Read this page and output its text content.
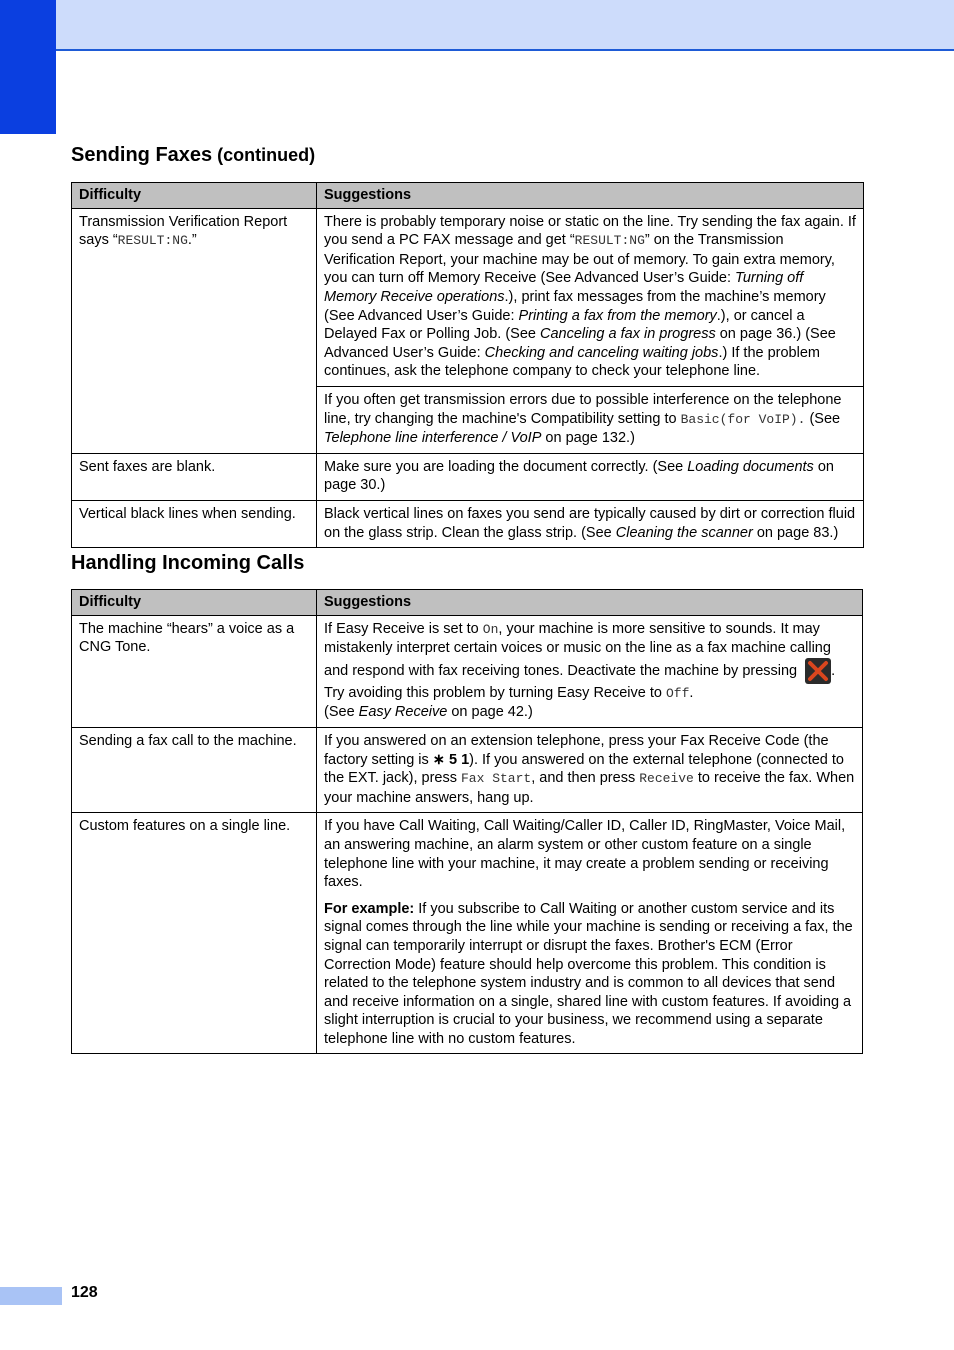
Sending Faxes (continued)
Difficulty	Suggestions
Transmission Verification Report says “RESULT:NG.”	There is probably temporary noise or static on the line. Try sending the fax again. If you send a PC FAX message and get “RESULT:NG” on the Transmission Verification Report, your machine may be out of memory. To gain extra memory, you can turn off Memory Receive (See Advanced User’s Guide: Turning off Memory Receive operations.), print fax messages from the machine’s memory (See Advanced User’s Guide: Printing a fax from the memory.), or cancel a Delayed Fax or Polling Job. (See Canceling a fax in progress on page 36.) (See Advanced User’s Guide: Checking and canceling waiting jobs.) If the problem continues, ask the telephone company to check your telephone line.
	If you often get transmission errors due to possible interference on the telephone line, try changing the machine's Compatibility setting to Basic(for VoIP). (See Telephone line interference / VoIP on page 132.)
Sent faxes are blank.	Make sure you are loading the document correctly. (See Loading documents on page 30.)
Vertical black lines when sending.	Black vertical lines on faxes you send are typically caused by dirt or correction fluid on the glass strip. Clean the glass strip. (See Cleaning the scanner on page 83.)
Handling Incoming Calls
Difficulty	Suggestions
The machine “hears” a voice as a CNG Tone.	If Easy Receive is set to On, your machine is more sensitive to sounds. It may mistakenly interpret certain voices or music on the line as a fax machine calling and respond with fax receiving tones. Deactivate the machine by pressing
. Try avoiding this problem by turning Easy Receive to Off.
(See Easy Receive on page 42.)
Sending a fax call to the machine.	If you answered on an extension telephone, press your Fax Receive Code (the factory setting is ∗ 5 1). If you answered on the external telephone (connected to the EXT. jack), press Fax Start, and then press Receive to receive the fax. When your machine answers, hang up.
Custom features on a single line.	If you have Call Waiting, Call Waiting/Caller ID, Caller ID, RingMaster, Voice Mail, an answering machine, an alarm system or other custom feature on a single telephone line with your machine, it may create a problem sending or receiving faxes.

For example: If you subscribe to Call Waiting or another custom service and its signal comes through the line while your machine is sending or receiving a fax, the signal can temporarily interrupt or disrupt the faxes. Brother's ECM (Error Correction Mode) feature should help overcome this problem. This condition is related to the telephone system industry and is common to all devices that send and receive information on a single, shared line with custom features. If avoiding a slight interruption is crucial to your business, we recommend using a separate telephone line with no custom features.

128
